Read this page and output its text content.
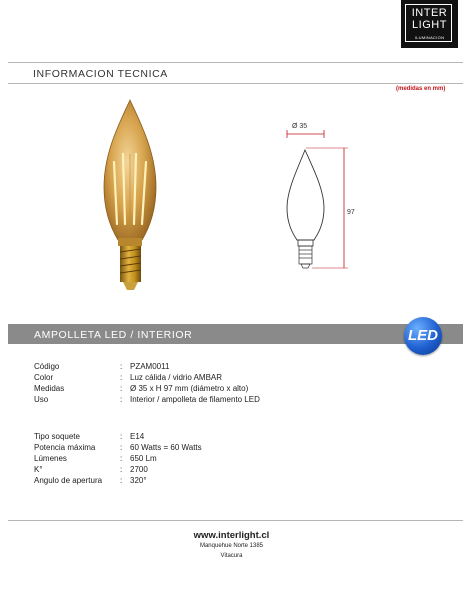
INTER
LIGHT
ILUMINACION
INFORMACION TECNICA
(medidas en mm)
Ø 35
97
AMPOLLETA LED / INTERIOR	LED
Código	: PZAM0011
Color	: Luz cálida / vidrio AMBAR
Medidas	: Ø 35 x H 97 mm (diámetro x alto)
Uso	: Interior / ampolleta de filamento LED
Tipo soquete	: E14
Potencia máxima	: 60 Watts = 60 Watts
Lúmenes	: 650 Lm
K°	: 2700
Angulo de apertura : 320°
www.interlight.cl
Manquehue Norte 1385
Vitacura
